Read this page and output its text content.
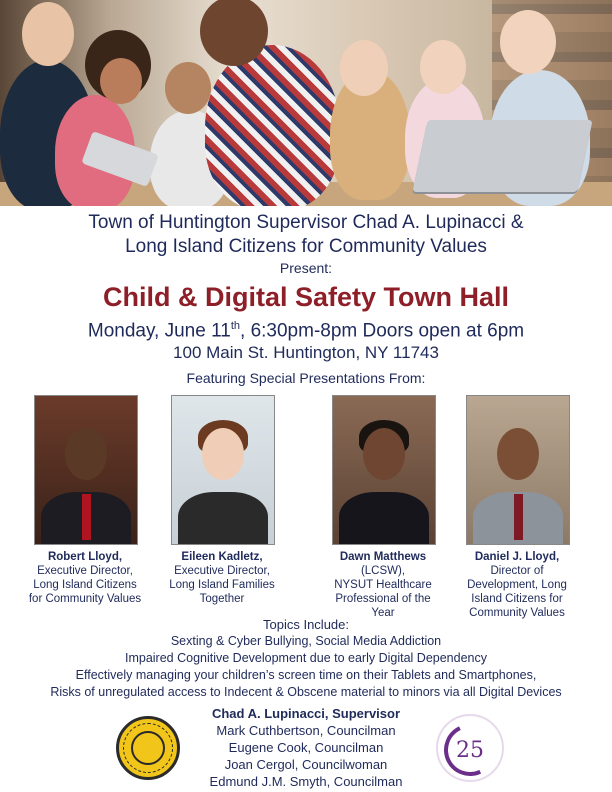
Town of Huntington Supervisor Chad A. Lupinacci &
Long Island Citizens for Community Values
Present:
Child & Digital Safety Town Hall
Monday, June 11th, 6:30pm-8pm Doors open at 6pm
100 Main St. Huntington, NY 11743
Featuring Special Presentations From:
Robert Lloyd,
Executive Director,
Long Island Citizens
for Community Values
Eileen Kadletz,
Executive Director,
Long Island Families
Together
Dawn Matthews
(LCSW),
NYSUT Healthcare
Professional of the
Year
Daniel J. Lloyd,
Director of
Development, Long
Island Citizens for
Community Values
Topics Include:
Sexting & Cyber Bullying, Social Media Addiction
Impaired Cognitive Development due to early Digital Dependency
Effectively managing your children’s screen time on their Tablets and Smartphones,
Risks of unregulated access to Indecent & Obscene material to minors via all Digital Devices
Chad A. Lupinacci, Supervisor
Mark Cuthbertson, Councilman
Eugene Cook, Councilman
Joan Cergol, Councilwoman
Edmund J.M. Smyth, Councilman
25
